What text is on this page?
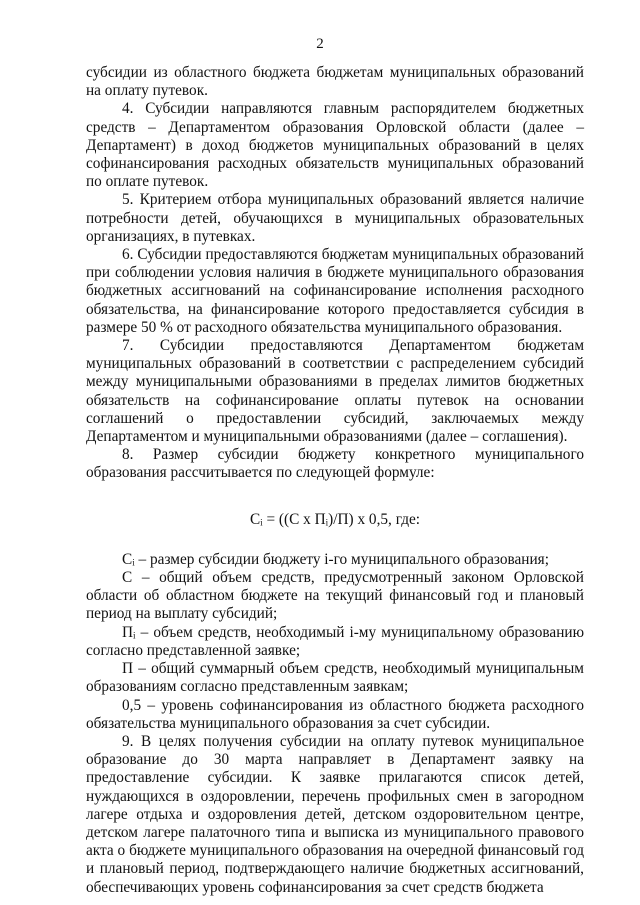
2

субсидии из областного бюджета бюджетам муниципальных образований на оплату путевок.

4. Субсидии направляются главным распорядителем бюджетных средств – Департаментом образования Орловской области (далее – Департамент) в доход бюджетов муниципальных образований в целях софинансирования расходных обязательств муниципальных образований по оплате путевок.

5. Критерием отбора муниципальных образований является наличие потребности детей, обучающихся в муниципальных образовательных организациях, в путевках.

6. Субсидии предоставляются бюджетам муниципальных образований при соблюдении условия наличия в бюджете муниципального образования бюджетных ассигнований на софинансирование исполнения расходного обязательства, на финансирование которого предоставляется субсидия в размере 50 % от расходного обязательства муниципального образования.

7. Субсидии предоставляются Департаментом бюджетам муниципальных образований в соответствии с распределением субсидий между муниципальными образованиями в пределах лимитов бюджетных обязательств на софинансирование оплаты путевок на основании соглашений о предоставлении субсидий, заключаемых между Департаментом и муниципальными образованиями (далее – соглашения).

8. Размер субсидии бюджету конкретного муниципального образования рассчитывается по следующей формуле:

Cᵢ = ((С x Пᵢ)/П) x 0,5, где:

Cᵢ – размер субсидии бюджету i-го муниципального образования;

С – общий объем средств, предусмотренный законом Орловской области об областном бюджете на текущий финансовый год и плановый период на выплату субсидий;

Пᵢ – объем средств, необходимый i-му муниципальному образованию согласно представленной заявке;

П – общий суммарный объем средств, необходимый муниципальным образованиям согласно представленным заявкам;

0,5 – уровень софинансирования из областного бюджета расходного обязательства муниципального образования за счет субсидии.

9. В целях получения субсидии на оплату путевок муниципальное образование до 30 марта направляет в Департамент заявку на предоставление субсидии. К заявке прилагаются список детей, нуждающихся в оздоровлении, перечень профильных смен в загородном лагере отдыха и оздоровления детей, детском оздоровительном центре, детском лагере палаточного типа и выписка из муниципального правового акта о бюджете муниципального образования на очередной финансовый год и плановый период, подтверждающего наличие бюджетных ассигнований, обеспечивающих уровень софинансирования за счет средств бюджета
